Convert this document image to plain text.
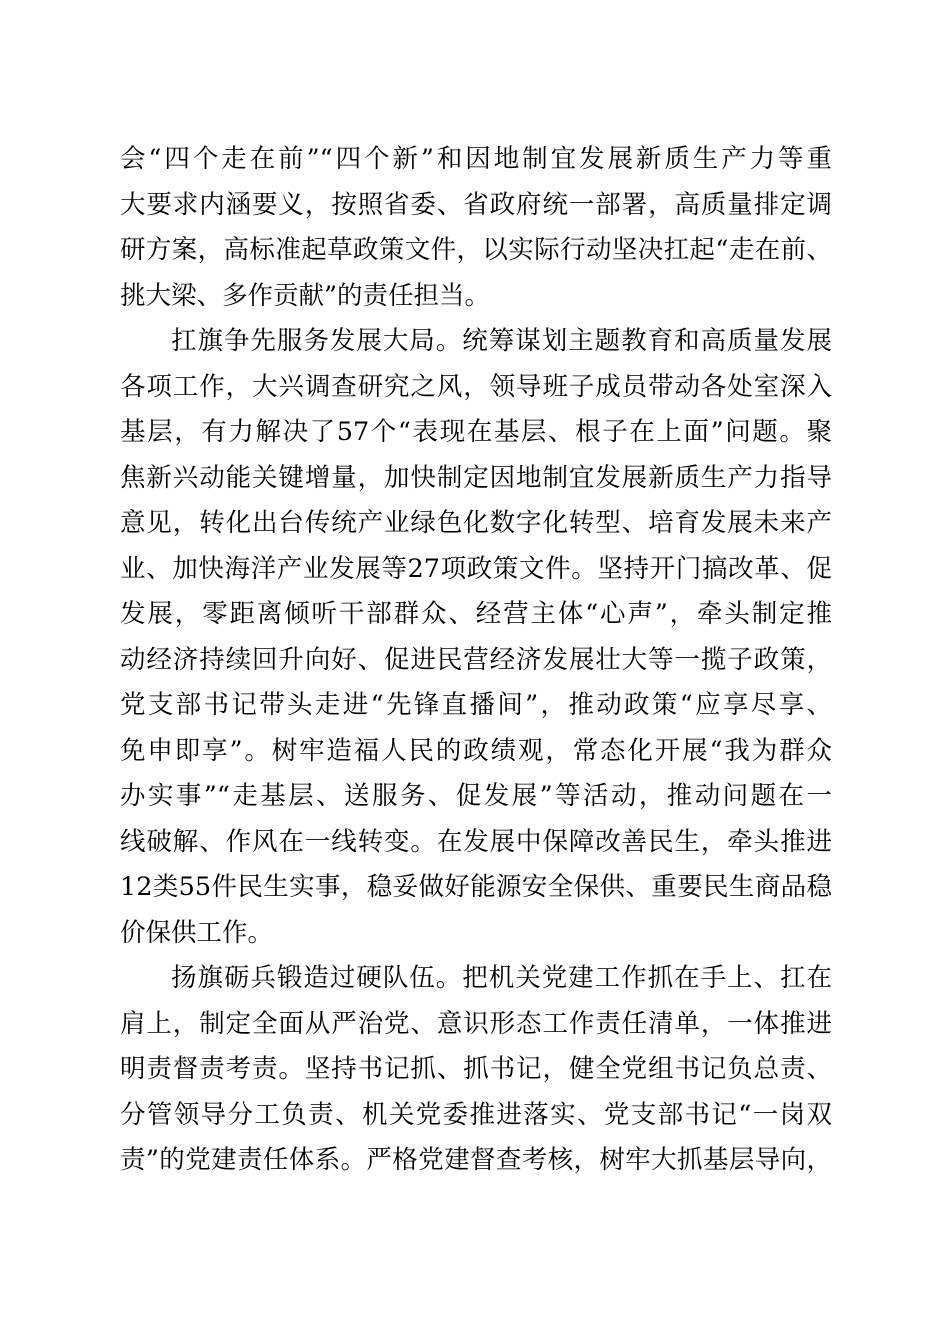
会“四个走在前”“四个新”和因地制宜发展新质生产力等重
大要求内涵要义，按照省委、省政府统一部署，高质量排定调
研方案，高标准起草政策文件，以实际行动坚决扛起“走在前、
挑大梁、多作贡献”的责任担当。
扛旗争先服务发展大局。统筹谋划主题教育和高质量发展
各项工作，大兴调查研究之风，领导班子成员带动各处室深入
基层，有力解决了57个“表现在基层、根子在上面”问题。聚
焦新兴动能关键增量，加快制定因地制宜发展新质生产力指导
意见，转化出台传统产业绿色化数字化转型、培育发展未来产
业、加快海洋产业发展等27项政策文件。坚持开门搞改革、促
发展，零距离倾听干部群众、经营主体“心声”，牵头制定推
动经济持续回升向好、促进民营经济发展壮大等一揽子政策，
党支部书记带头走进“先锋直播间”，推动政策“应享尽享、
免申即享”。树牢造福人民的政绩观，常态化开展“我为群众
办实事”“走基层、送服务、促发展”等活动，推动问题在一
线破解、作风在一线转变。在发展中保障改善民生，牵头推进
12类55件民生实事，稳妥做好能源安全保供、重要民生商品稳
价保供工作。
扬旗砺兵锻造过硬队伍。把机关党建工作抓在手上、扛在
肩上，制定全面从严治党、意识形态工作责任清单，一体推进
明责督责考责。坚持书记抓、抓书记，健全党组书记负总责、
分管领导分工负责、机关党委推进落实、党支部书记“一岗双
责”的党建责任体系。严格党建督查考核，树牢大抓基层导向，
